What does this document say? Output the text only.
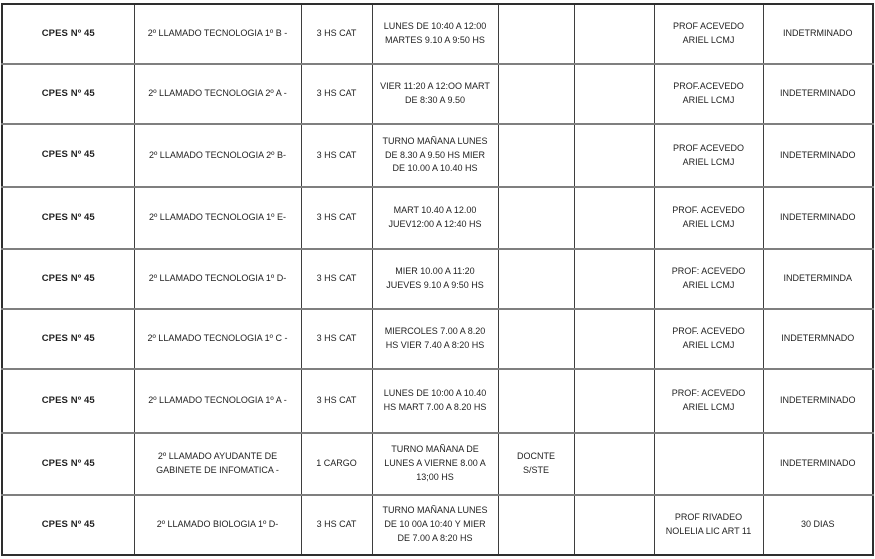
CPES Nº 45	2º LLAMADO TECNOLOGIA 1º B -	3 HS CAT	LUNES DE 10:40 A 12:00 MARTES 9.10 A 9:50 HS			PROF ACEVEDO ARIEL LCMJ	INDETRMINADO
CPES Nº 45	2º LLAMADO TECNOLOGIA 2º A -	3 HS CAT	VIER 11:20 A 12:OO MART DE 8:30 A 9.50			PROF.ACEVEDO ARIEL LCMJ	INDETERMINADO
CPES Nº 45	2º LLAMADO TECNOLOGIA 2º B-	3 HS CAT	TURNO MAÑANA LUNES DE 8.30 A 9.50 HS MIER DE 10.00 A 10.40 HS			PROF ACEVEDO ARIEL LCMJ	INDETERMINADO
CPES Nº 45	2º LLAMADO TECNOLOGIA 1º E-	3 HS CAT	MART 10.40 A 12.00 JUEV12:00 A 12:40 HS			PROF. ACEVEDO ARIEL LCMJ	INDETERMINADO
CPES Nº 45	2º LLAMADO TECNOLOGIA 1º D-	3 HS CAT	MIER 10.00 A 11:20 JUEVES 9.10 A 9:50 HS			PROF: ACEVEDO ARIEL LCMJ	INDETERMINDA
CPES Nº 45	2º LLAMADO TECNOLOGIA 1º C -	3 HS CAT	MIERCOLES 7.00 A 8.20 HS VIER 7.40 A 8:20 HS			PROF. ACEVEDO ARIEL LCMJ	INDETERMNADO
CPES Nº 45	2º LLAMADO TECNOLOGIA 1º A -	3 HS CAT	LUNES DE 10:00 A 10.40 HS MART 7.00 A 8.20 HS			PROF: ACEVEDO ARIEL LCMJ	INDETERMINADO
CPES Nº 45	2º LLAMADO AYUDANTE DE GABINETE DE INFOMATICA -	1 CARGO	TURNO MAÑANA DE LUNES A VIERNE 8.00 A 13;00 HS	DOCNTE S/STE			INDETERMINADO
CPES Nº 45	2º LLAMADO BIOLOGIA 1º D-	3 HS CAT	TURNO MAÑANA LUNES DE 10 00A 10:40 Y MIER DE 7.00 A 8:20 HS			PROF RIVADEO NOLELIA LIC ART 11	30 DIAS
